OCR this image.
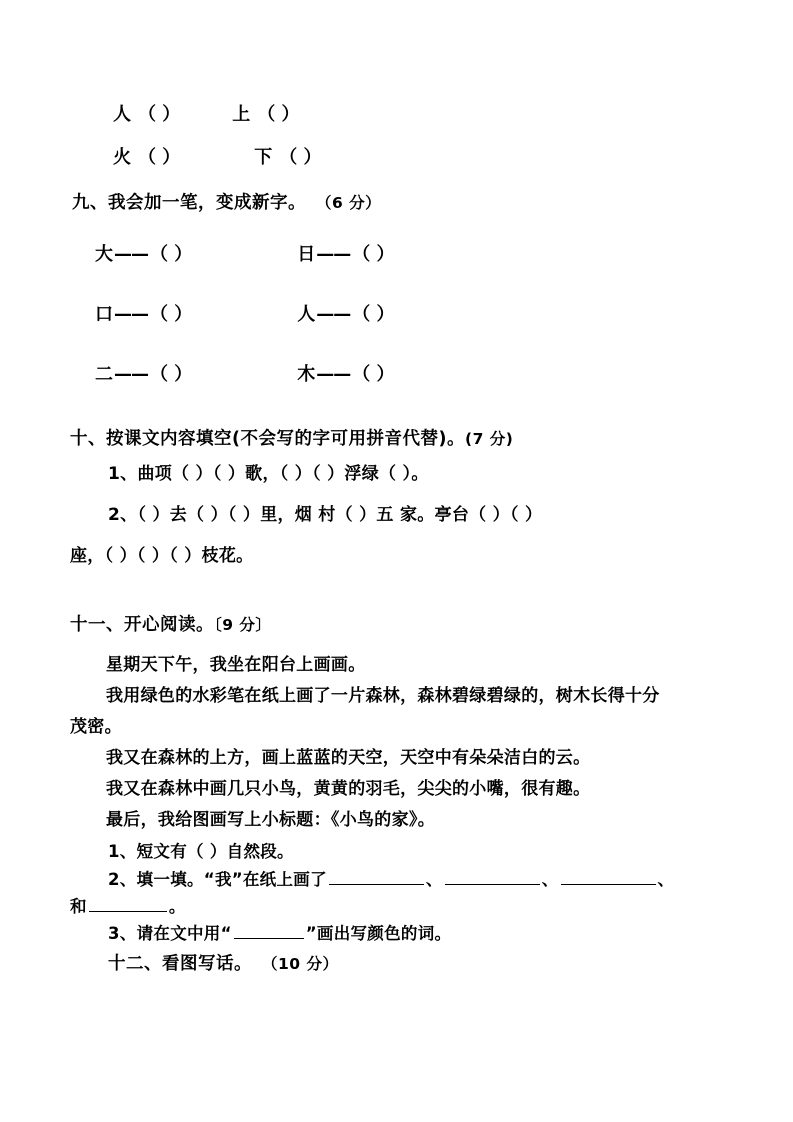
人 （ ）	上 （ ）
火 （ ）	下 （ ）
九、我会加一笔，变成新字。 （6 分）
大—— （ ）	日—— （ ）
口—— （ ）	人—— （ ）
二—— （ ）	木—— （ ）
十、按课文内容填空(不会写的字可用拼音代替)。(7 分)
1、曲项（ ）（ ）歌，（ ）（ ）浮绿（ ）。
2、（ ）去（ ）（ ）里，烟 村（ ）五 家。亭台（ ）（ ）
座，（ ）（ ）（ ）枝花。
十一、开心阅读。〔9 分〕
星期天下午，我坐在阳台上画画。
我用绿色的水彩笔在纸上画了一片森林，森林碧绿碧绿的，树木长得十分
茂密。
我又在森林的上方，画上蓝蓝的天空，天空中有朵朵洁白的云。
我又在森林中画几只小鸟，黄黄的羽毛，尖尖的小嘴，很有趣。
最后，我给图画写上小标题：《小鸟的家》。
1、短文有（ ）自然段。
2、填一填。“我”在纸上画了	、	、	、
和	。
3、请在文中用“	”画出写颜色的词。
十二、看图写话。 （10 分）
